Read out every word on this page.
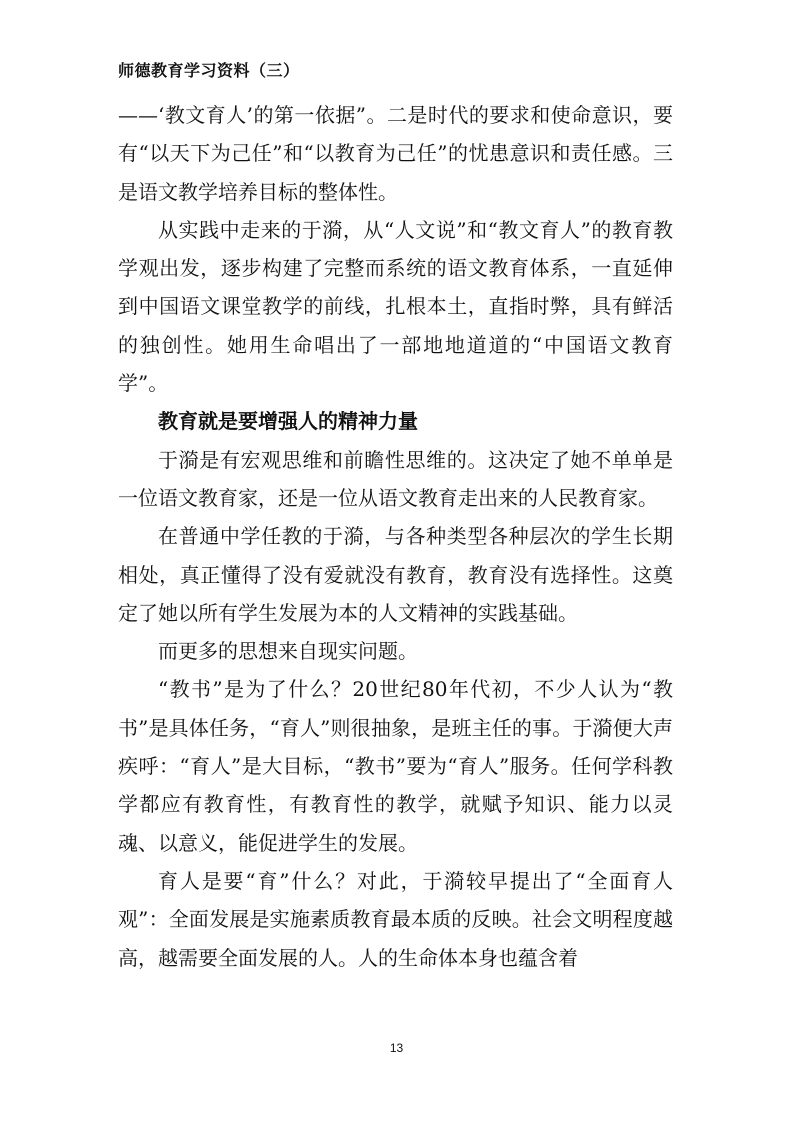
师德教育学习资料（三）

——‘教文育人’的第一依据”。二是时代的要求和使命意识，要有“以天下为己任”和“以教育为己任”的忧患意识和责任感。三是语文教学培养目标的整体性。

从实践中走来的于漪，从“人文说”和“教文育人”的教育教学观出发，逐步构建了完整而系统的语文教育体系，一直延伸到中国语文课堂教学的前线，扎根本土，直指时弊，具有鲜活的独创性。她用生命唱出了一部地地道道的“中国语文教育学”。

教育就是要增强人的精神力量

于漪是有宏观思维和前瞻性思维的。这决定了她不单单是一位语文教育家，还是一位从语文教育走出来的人民教育家。

在普通中学任教的于漪，与各种类型各种层次的学生长期相处，真正懂得了没有爱就没有教育，教育没有选择性。这奠定了她以所有学生发展为本的人文精神的实践基础。

而更多的思想来自现实问题。

“教书”是为了什么？20世纪80年代初，不少人认为“教书”是具体任务，“育人”则很抽象，是班主任的事。于漪便大声疾呼：“育人”是大目标，“教书”要为“育人”服务。任何学科教学都应有教育性，有教育性的教学，就赋予知识、能力以灵魂、以意义，能促进学生的发展。

育人是要“育”什么？对此，于漪较早提出了“全面育人观”：全面发展是实施素质教育最本质的反映。社会文明程度越高，越需要全面发展的人。人的生命体本身也蕴含着

13
